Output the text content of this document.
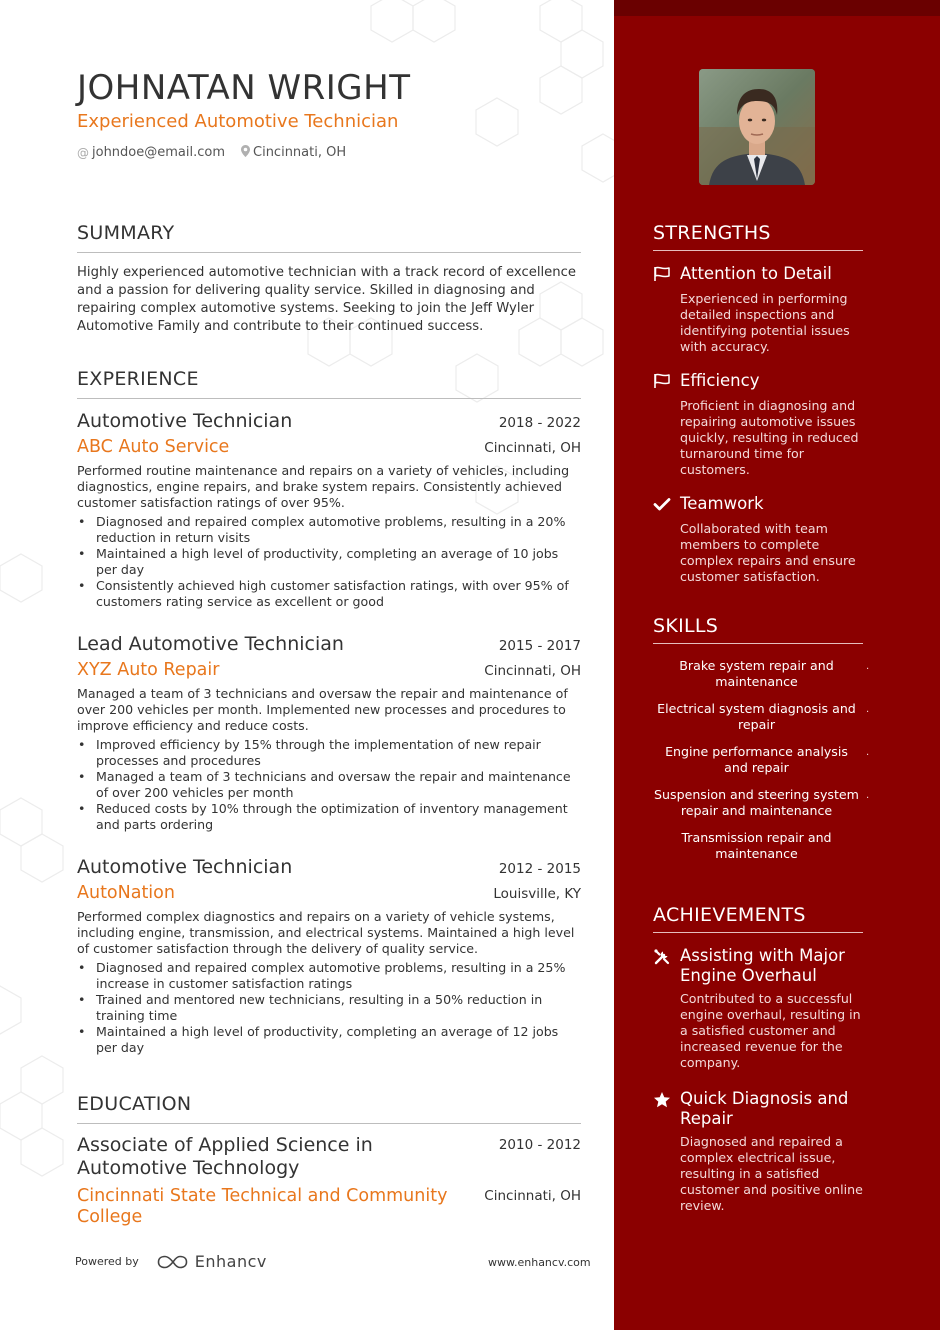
JOHNATAN WRIGHT
Experienced Automotive Technician
@ johndoe@email.com Cincinnati, OH
SUMMARY

Highly experienced automotive technician with a track record of excellence and a passion for delivering quality service. Skilled in diagnosing and repairing complex automotive systems. Seeking to join the Jeff Wyler Automotive Family and contribute to their continued success.

EXPERIENCE
Automotive Technician	2018 - 2022
ABC Auto Service	Cincinnati, OH

Performed routine maintenance and repairs on a variety of vehicles, including diagnostics, engine repairs, and brake system repairs. Consistently achieved customer satisfaction ratings of over 95%.

• Diagnosed and repaired complex automotive problems, resulting in a 20% reduction in return visits
• Maintained a high level of productivity, completing an average of 10 jobs per day
• Consistently achieved high customer satisfaction ratings, with over 95% of customers rating service as excellent or good
Lead Automotive Technician	2015 - 2017
XYZ Auto Repair	Cincinnati, OH

Managed a team of 3 technicians and oversaw the repair and maintenance of over 200 vehicles per month. Implemented new processes and procedures to improve efficiency and reduce costs.

• Improved efficiency by 15% through the implementation of new repair processes and procedures
• Managed a team of 3 technicians and oversaw the repair and maintenance of over 200 vehicles per month
• Reduced costs by 10% through the optimization of inventory management and parts ordering
Automotive Technician	2012 - 2015
AutoNation	Louisville, KY

Performed complex diagnostics and repairs on a variety of vehicle systems, including engine, transmission, and electrical systems. Maintained a high level of customer satisfaction through the delivery of quality service.

• Diagnosed and repaired complex automotive problems, resulting in a 25% increase in customer satisfaction ratings
• Trained and mentored new technicians, resulting in a 50% reduction in training time
• Maintained a high level of productivity, completing an average of 12 jobs per day
EDUCATION
Associate of Applied Science in Automotive Technology
2010 - 2012
Cincinnati State Technical and Community College
Cincinnati, OH
Powered by	Enhancv	www.enhancv.com
STRENGTHS
Attention to Detail

Experienced in performing detailed inspections and identifying potential issues with accuracy.

Efficiency

Proficient in diagnosing and repairing automotive issues quickly, resulting in reduced turnaround time for customers.

Teamwork

Collaborated with team members to complete complex repairs and ensure customer satisfaction.

SKILLS
Brake system repair and maintenance
·
Electrical system diagnosis and repair
·
Engine performance analysis and repair
·
Suspension and steering system repair and maintenance
·
Transmission repair and maintenance
ACHIEVEMENTS
Assisting with Major Engine Overhaul

Contributed to a successful engine overhaul, resulting in a satisfied customer and increased revenue for the company.

Quick Diagnosis and Repair

Diagnosed and repaired a complex electrical issue, resulting in a satisfied customer and positive online review.
